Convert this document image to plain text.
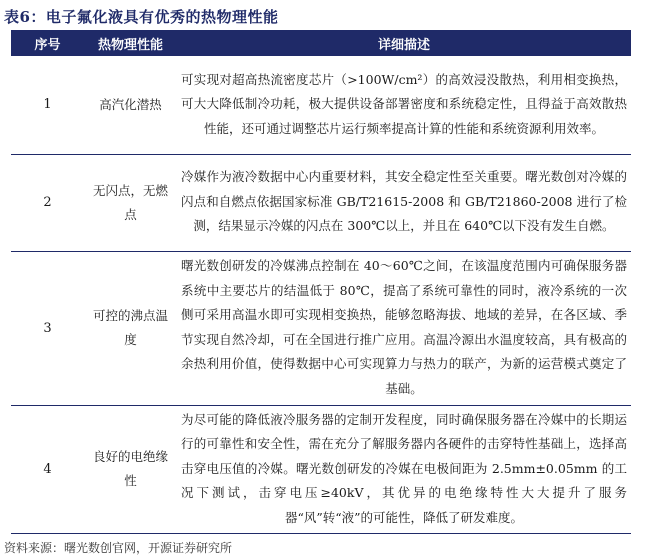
表6：电子氟化液具有优秀的热物理性能
序号	热物理性能	详细描述
1	高汽化潜热	可实现对超高热流密度芯片（>100W/cm²）的高效浸没散热，利用相变换热，可大大降低制冷功耗，极大提供设备部署密度和系统稳定性，且得益于高效散热性能，还可通过调整芯片运行频率提高计算的性能和系统资源利用效率。
2	无闪点，无燃点	冷媒作为液冷数据中心内重要材料，其安全稳定性至关重要。曙光数创对冷媒的闪点和自燃点依据国家标准 GB/T21615-2008 和 GB/T21860-2008 进行了检测，结果显示冷媒的闪点在 300℃以上，并且在 640℃以下没有发生自燃。
3	可控的沸点温度	曙光数创研发的冷媒沸点控制在 40～60℃之间，在该温度范围内可确保服务器系统中主要芯片的结温低于 80℃，提高了系统可靠性的同时，液冷系统的一次侧可采用高温水即可实现相变换热，能够忽略海拔、地域的差异，在各区域、季节实现自然冷却，可在全国进行推广应用。高温冷源出水温度较高，具有极高的余热利用价值，使得数据中心可实现算力与热力的联产，为新的运营模式奠定了基础。
4	良好的电绝缘性	为尽可能的降低液冷服务器的定制开发程度，同时确保服务器在冷媒中的长期运行的可靠性和安全性，需在充分了解服务器内各硬件的击穿特性基础上，选择高击穿电压值的冷媒。曙光数创研发的冷媒在电极间距为 2.5mm±0.05mm 的工况下测试，击穿电压≥40kV，其优异的电绝缘特性大大提升了服务器“风”转“液”的可能性，降低了研发难度。
资料来源：曙光数创官网，开源证券研究所
